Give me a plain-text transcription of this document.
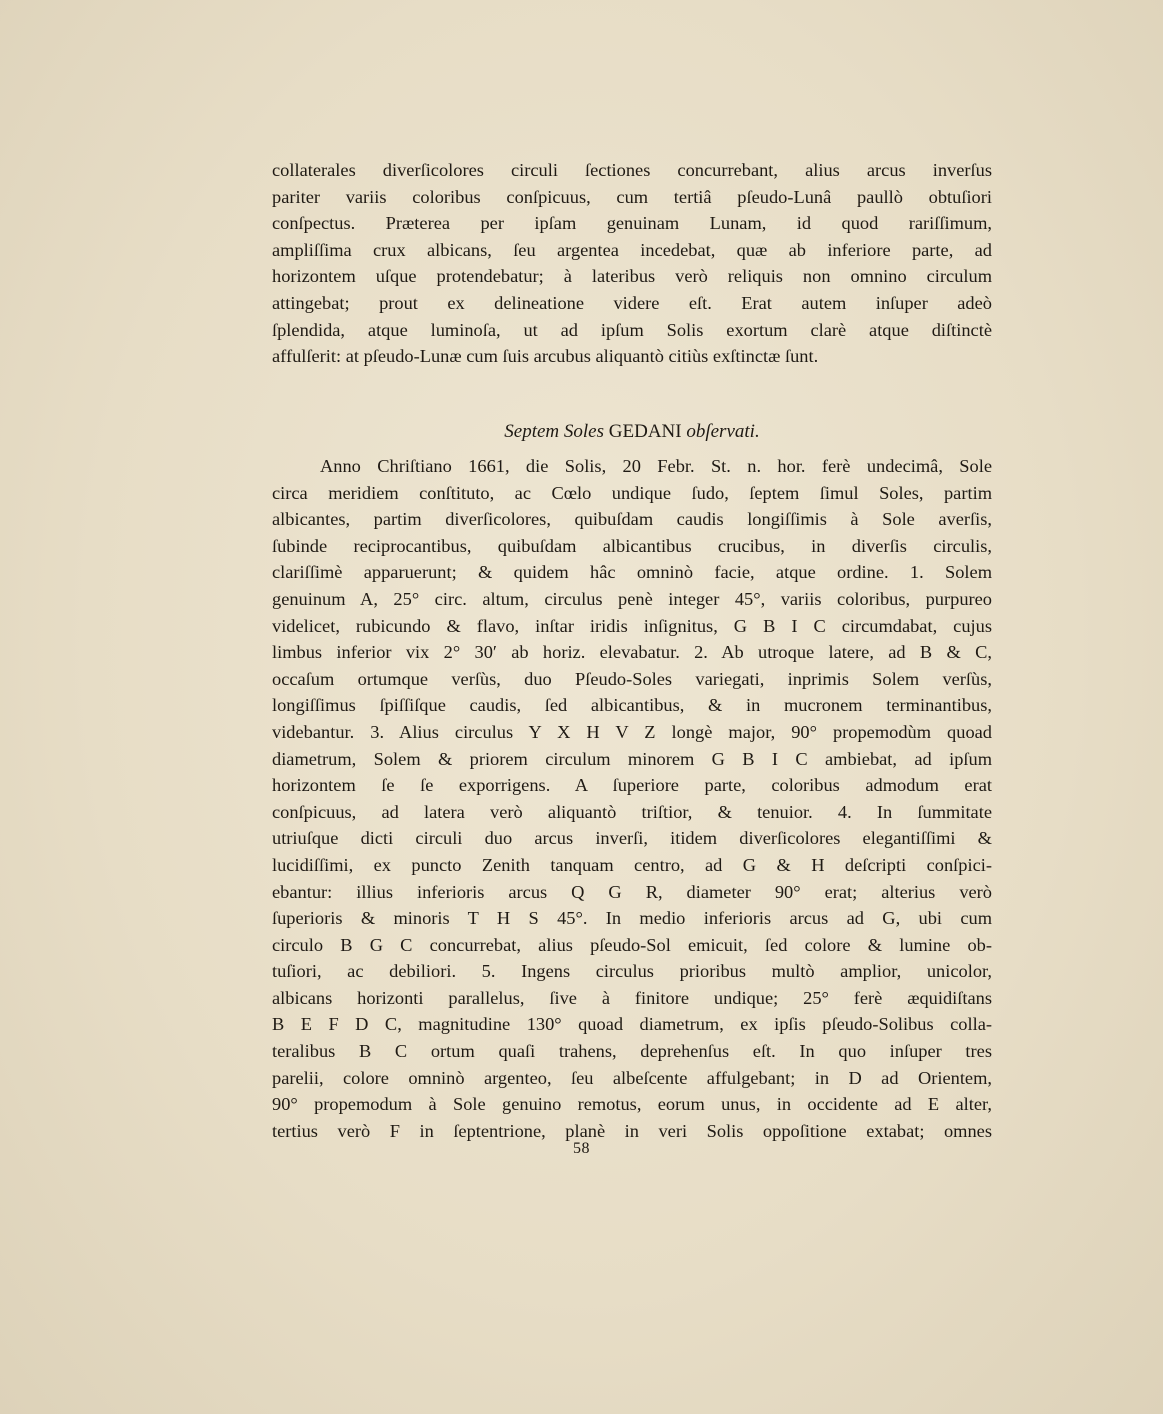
collaterales diverſicolores circuli ſectiones concurrebant, alius arcus inverſus
pariter variis coloribus conſpicuus, cum tertiâ pſeudo-Lunâ paullò obtuſiori
conſpectus. Præterea per ipſam genuinam Lunam, id quod rariſſimum,
ampliſſima crux albicans, ſeu argentea incedebat, quæ ab inferiore parte, ad
horizontem uſque protendebatur; à lateribus verò reliquis non omnino circulum
attingebat; prout ex delineatione videre eſt. Erat autem inſuper adeò
ſplendida, atque luminoſa, ut ad ipſum Solis exortum clarè atque diſtinctè
affulſerit: at pſeudo-Lunæ cum ſuis arcubus aliquantò citiùs exſtinctæ ſunt.

Septem Soles GEDANI obſervati.

Anno Chriſtiano 1661, die Solis, 20 Febr. St. n. hor. ferè undecimâ, Sole
circa meridiem conſtituto, ac Cœlo undique ſudo, ſeptem ſimul Soles, partim
albicantes, partim diverſicolores, quibuſdam caudis longiſſimis à Sole averſis,
ſubinde reciprocantibus, quibuſdam albicantibus crucibus, in diverſis circulis,
clariſſimè apparuerunt; & quidem hâc omninò facie, atque ordine. 1. Solem
genuinum A, 25° circ. altum, circulus penè integer 45°, variis coloribus, purpureo
videlicet, rubicundo & flavo, inſtar iridis inſignitus, G B I C circumdabat, cujus
limbus inferior vix 2° 30′ ab horiz. elevabatur. 2. Ab utroque latere, ad B & C,
occaſum ortumque verſùs, duo Pſeudo-Soles variegati, inprimis Solem verſùs,
longiſſimus ſpiſſiſque caudis, ſed albicantibus, & in mucronem terminantibus,
videbantur. 3. Alius circulus Y X H V Z longè major, 90° propemodùm quoad
diametrum, Solem & priorem circulum minorem G B I C ambiebat, ad ipſum
horizontem ſe ſe exporrigens. A ſuperiore parte, coloribus admodum erat
conſpicuus, ad latera verò aliquantò triſtior, & tenuior. 4. In ſummitate
utriuſque dicti circuli duo arcus inverſi, itidem diverſicolores elegantiſſimi &
lucidiſſimi, ex puncto Zenith tanquam centro, ad G & H deſcripti conſpici-
ebantur: illius inferioris arcus Q G R, diameter 90° erat; alterius verò
ſuperioris & minoris T H S 45°. In medio inferioris arcus ad G, ubi cum
circulo B G C concurrebat, alius pſeudo-Sol emicuit, ſed colore & lumine ob-
tuſiori, ac debiliori. 5. Ingens circulus prioribus multò amplior, unicolor,
albicans horizonti parallelus, ſive à finitore undique; 25° ferè æquidiſtans
B E F D C, magnitudine 130° quoad diametrum, ex ipſis pſeudo-Solibus colla-
teralibus B C ortum quaſi trahens, deprehenſus eſt. In quo inſuper tres
parelii, colore omninò argenteo, ſeu albeſcente affulgebant; in D ad Orientem,
90° propemodum à Sole genuino remotus, eorum unus, in occidente ad E alter,
tertius verò F in ſeptentrione, planè in veri Solis oppoſitione extabat; omnes

58
